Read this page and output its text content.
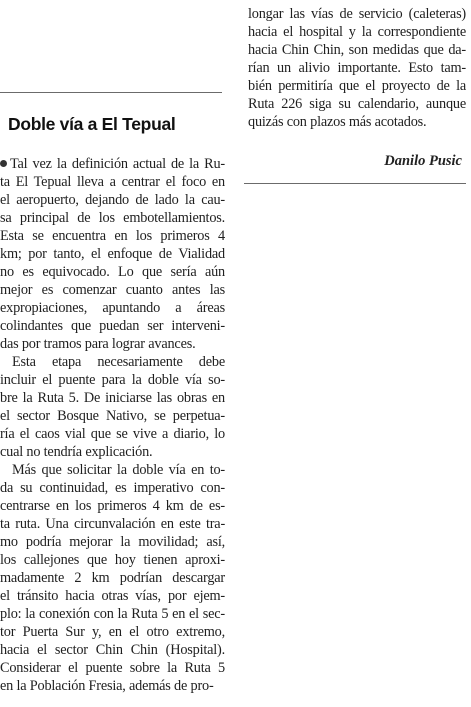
Doble vía a El Tepual
Tal vez la definición actual de la Ru-
ta El Tepual lleva a centrar el foco en
el aeropuerto, dejando de lado la cau-
sa principal de los embotellamientos.
Esta se encuentra en los primeros 4
km; por tanto, el enfoque de Vialidad
no es equivocado. Lo que sería aún
mejor es comenzar cuanto antes las
expropiaciones, apuntando a áreas
colindantes que puedan ser interveni-
das por tramos para lograr avances.
Esta etapa necesariamente debe
incluir el puente para la doble vía so-
bre la Ruta 5. De iniciarse las obras en
el sector Bosque Nativo, se perpetua-
ría el caos vial que se vive a diario, lo
cual no tendría explicación.
Más que solicitar la doble vía en to-
da su continuidad, es imperativo con-
centrarse en los primeros 4 km de es-
ta ruta. Una circunvalación en este tra-
mo podría mejorar la movilidad; así,
los callejones que hoy tienen aproxi-
madamente 2 km podrían descargar
el tránsito hacia otras vías, por ejem-
plo: la conexión con la Ruta 5 en el sec-
tor Puerta Sur y, en el otro extremo,
hacia el sector Chin Chin (Hospital).
Considerar el puente sobre la Ruta 5
en la Población Fresia, además de pro-
longar las vías de servicio (caleteras)
hacia el hospital y la correspondiente
hacia Chin Chin, son medidas que da-
rían un alivio importante. Esto tam-
bién permitiría que el proyecto de la
Ruta 226 siga su calendario, aunque
quizás con plazos más acotados.
Danilo Pusic
